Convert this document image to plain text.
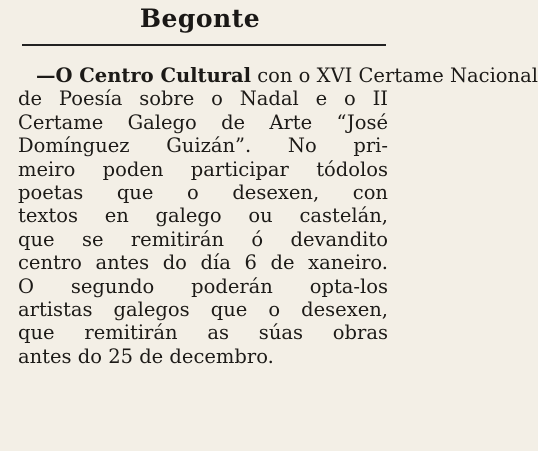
Begonte
—O Centro Cultural con o XVI Certame Nacional
de Poesía sobre o Nadal e o II
Certame Galego de Arte “José
Domínguez Guizán”. No pri-
meiro poden participar tódolos
poetas que o desexen, con
textos en galego ou castelán,
que se remitirán ó devandito
centro antes do día 6 de xaneiro.
O segundo poderán opta-los
artistas galegos que o desexen,
que remitirán as súas obras
antes do 25 de decembro.
